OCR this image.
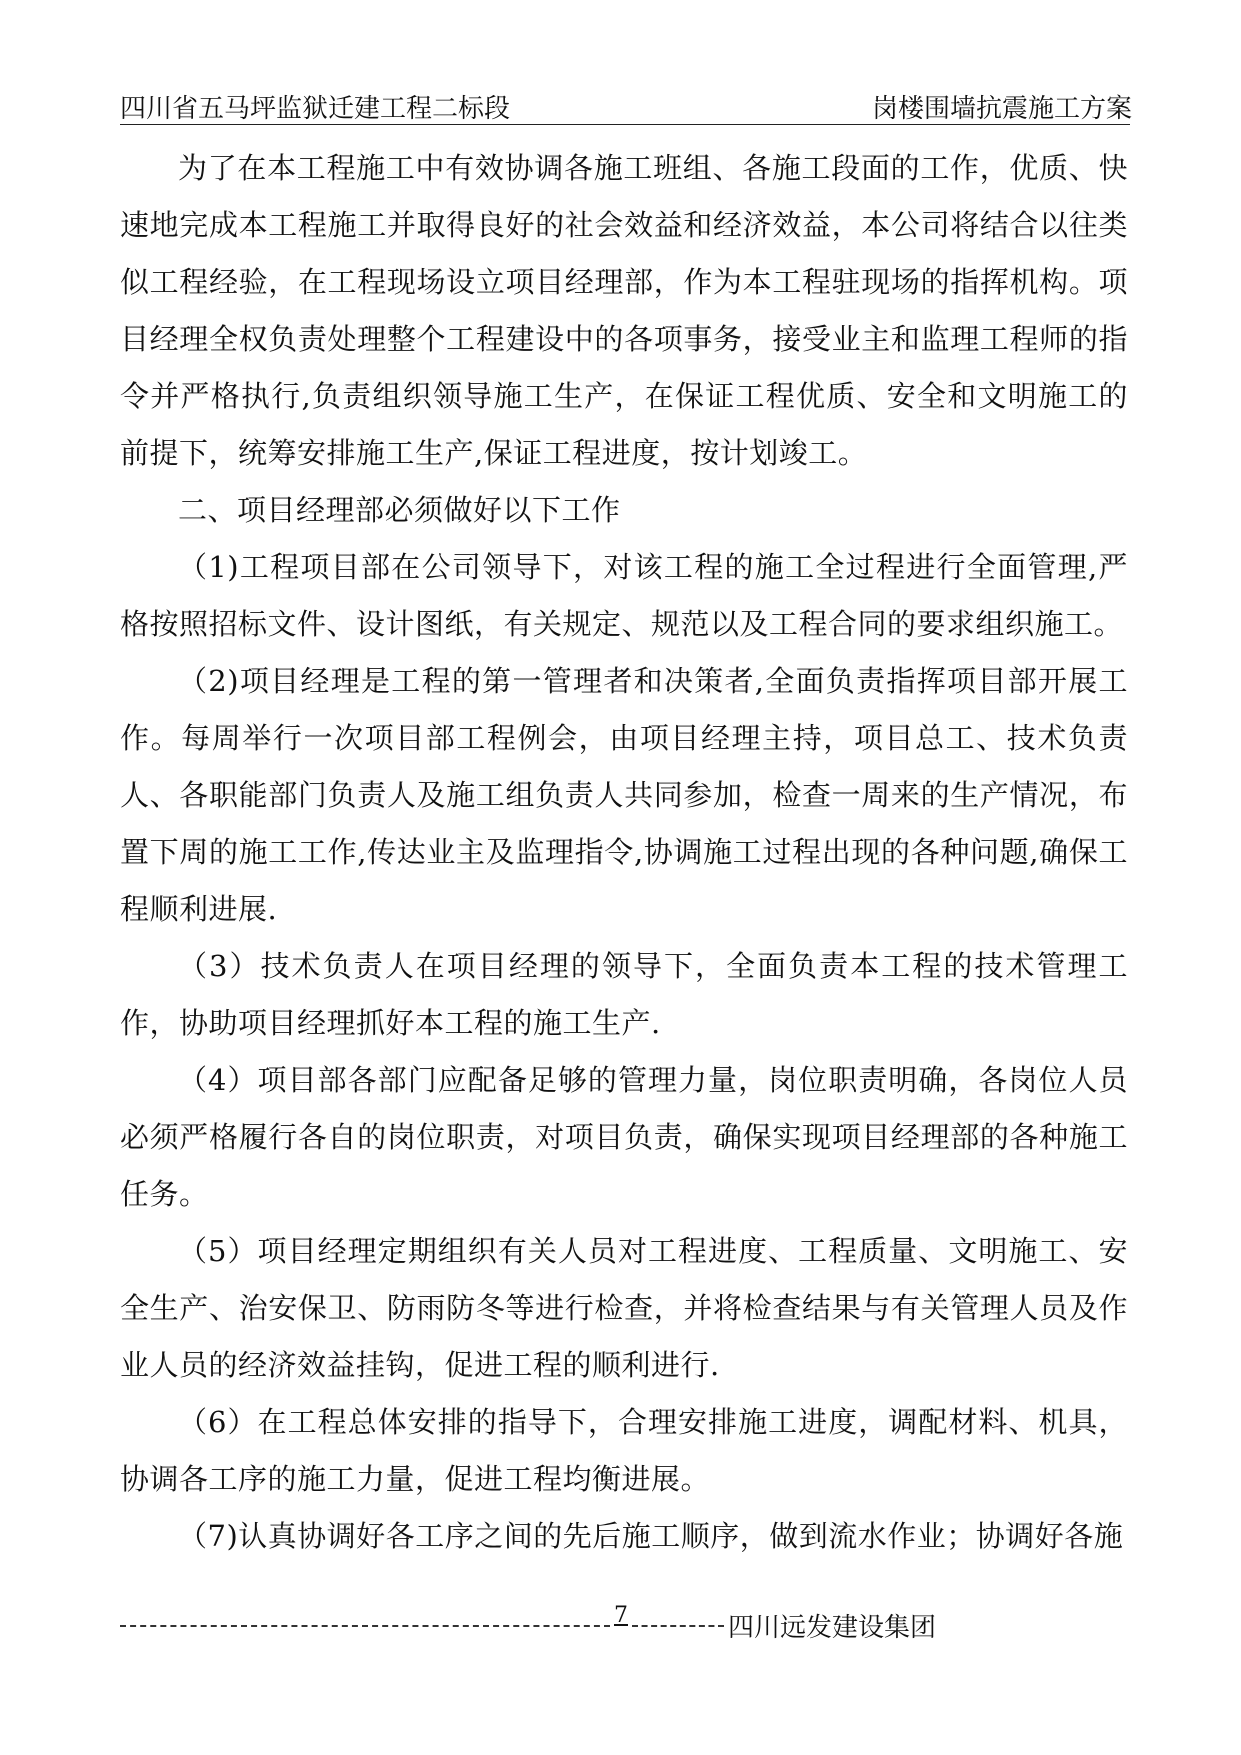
四川省五马坪监狱迁建工程二标段	岗楼围墙抗震施工方案

为了在本工程施工中有效协调各施工班组、各施工段面的工作，优质、快速地完成本工程施工并取得良好的社会效益和经济效益，本公司将结合以往类似工程经验，在工程现场设立项目经理部，作为本工程驻现场的指挥机构。项目经理全权负责处理整个工程建设中的各项事务，接受业主和监理工程师的指令并严格执行,负责组织领导施工生产，在保证工程优质、安全和文明施工的前提下，统筹安排施工生产,保证工程进度，按计划竣工。

二、项目经理部必须做好以下工作

（1)工程项目部在公司领导下，对该工程的施工全过程进行全面管理,严格按照招标文件、设计图纸，有关规定、规范以及工程合同的要求组织施工。

（2)项目经理是工程的第一管理者和决策者,全面负责指挥项目部开展工作。每周举行一次项目部工程例会，由项目经理主持，项目总工、技术负责人、各职能部门负责人及施工组负责人共同参加，检查一周来的生产情况，布置下周的施工工作,传达业主及监理指令,协调施工过程出现的各种问题,确保工程顺利进展.

（3）技术负责人在项目经理的领导下，全面负责本工程的技术管理工作，协助项目经理抓好本工程的施工生产.

（4）项目部各部门应配备足够的管理力量，岗位职责明确，各岗位人员必须严格履行各自的岗位职责，对项目负责，确保实现项目经理部的各种施工任务。

（5）项目经理定期组织有关人员对工程进度、工程质量、文明施工、安全生产、治安保卫、防雨防冬等进行检查，并将检查结果与有关管理人员及作业人员的经济效益挂钩，促进工程的顺利进行.

（6）在工程总体安排的指导下，合理安排施工进度，调配材料、机具，协调各工序的施工力量，促进工程均衡进展。

（7)认真协调好各工序之间的先后施工顺序，做到流水作业；协调好各施

7	四川远发建设集团
